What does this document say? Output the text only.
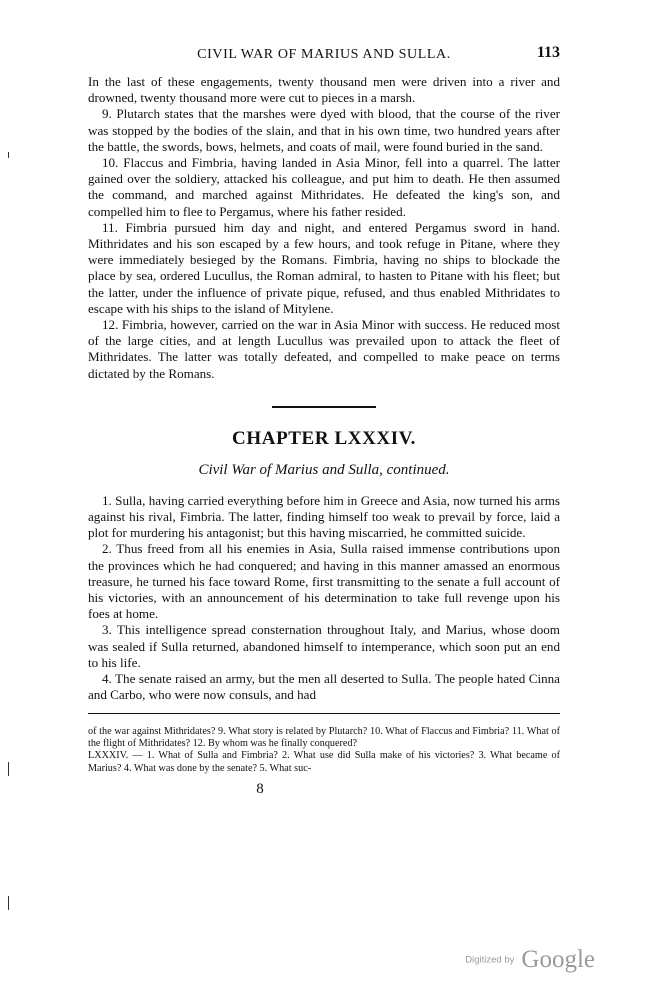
CIVIL WAR OF MARIUS AND SULLA.	113

In the last of these engagements, twenty thousand men were driven into a river and drowned, twenty thousand more were cut to pieces in a marsh.

9. Plutarch states that the marshes were dyed with blood, that the course of the river was stopped by the bodies of the slain, and that in his own time, two hundred years after the battle, the swords, bows, helmets, and coats of mail, were found buried in the sand.

10. Flaccus and Fimbria, having landed in Asia Minor, fell into a quarrel. The latter gained over the soldiery, attacked his colleague, and put him to death. He then assumed the command, and marched against Mithridates. He defeated the king's son, and compelled him to flee to Pergamus, where his father resided.

11. Fimbria pursued him day and night, and entered Pergamus sword in hand. Mithridates and his son escaped by a few hours, and took refuge in Pitane, where they were immediately besieged by the Romans. Fimbria, having no ships to blockade the place by sea, ordered Lucullus, the Roman admiral, to hasten to Pitane with his fleet; but the latter, under the influence of private pique, refused, and thus enabled Mithridates to escape with his ships to the island of Mitylene.

12. Fimbria, however, carried on the war in Asia Minor with success. He reduced most of the large cities, and at length Lucullus was prevailed upon to attack the fleet of Mithridates. The latter was totally defeated, and compelled to make peace on terms dictated by the Romans.

CHAPTER LXXXIV.
Civil War of Marius and Sulla, continued.

1. Sulla, having carried everything before him in Greece and Asia, now turned his arms against his rival, Fimbria. The latter, finding himself too weak to prevail by force, laid a plot for murdering his antagonist; but this having miscarried, he committed suicide.

2. Thus freed from all his enemies in Asia, Sulla raised immense contributions upon the provinces which he had conquered; and having in this manner amassed an enormous treasure, he turned his face toward Rome, first transmitting to the senate a full account of his victories, with an announcement of his determination to take full revenge upon his foes at home.

3. This intelligence spread consternation throughout Italy, and Marius, whose doom was sealed if Sulla returned, abandoned himself to intemperance, which soon put an end to his life.

4. The senate raised an army, but the men all deserted to Sulla. The people hated Cinna and Carbo, who were now consuls, and had

of the war against Mithridates? 9. What story is related by Plutarch? 10. What of Flaccus and Fimbria? 11. What of the flight of Mithridates? 12. By whom was he finally conquered?

LXXXIV. — 1. What of Sulla and Fimbria? 2. What use did Sulla make of his victories? 3. What became of Marius? 4. What was done by the senate? 5. What suc-

8
Digitized by Google
